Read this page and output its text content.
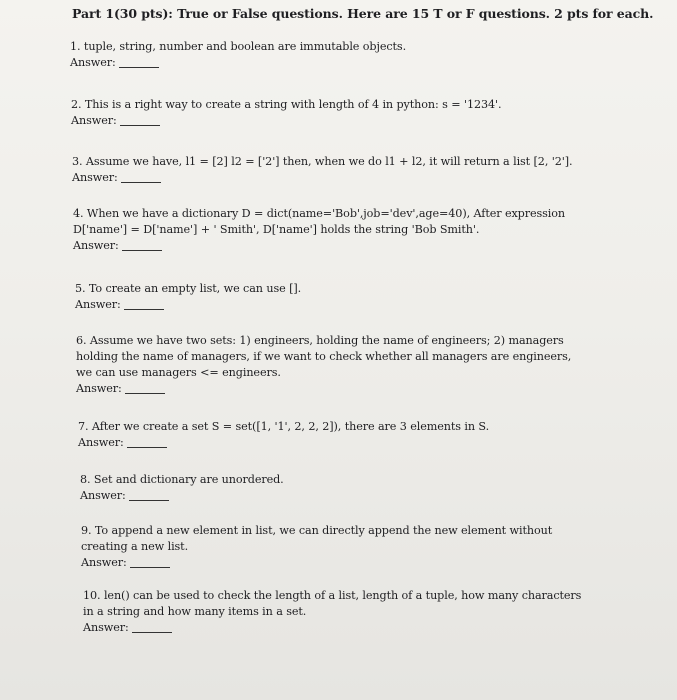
Part 1(30 pts): True or False questions. Here are 15 T or F questions. 2 pts for each.
1. tuple, string, number and boolean are immutable objects.
Answer:
2. This is a right way to create a string with length of 4 in python: s = '1234'.
Answer:
3. Assume we have, l1 = [2] l2 = ['2'] then, when we do l1 + l2, it will return a list [2, '2'].
Answer:
4. When we have a dictionary D = dict(name='Bob',job='dev',age=40), After expression
D['name'] = D['name'] + ' Smith', D['name'] holds the string 'Bob Smith'.
Answer:
5. To create an empty list, we can use [].
Answer:
6. Assume we have two sets: 1) engineers, holding the name of engineers; 2) managers
holding the name of managers, if we want to check whether all managers are engineers,
we can use managers <= engineers.
Answer:
7. After we create a set S = set([1, '1', 2, 2, 2]), there are 3 elements in S.
Answer:
8. Set and dictionary are unordered.
Answer:
9. To append a new element in list, we can directly append the new element without
creating a new list.
Answer:
10. len() can be used to check the length of a list, length of a tuple, how many characters
in a string and how many items in a set.
Answer:
